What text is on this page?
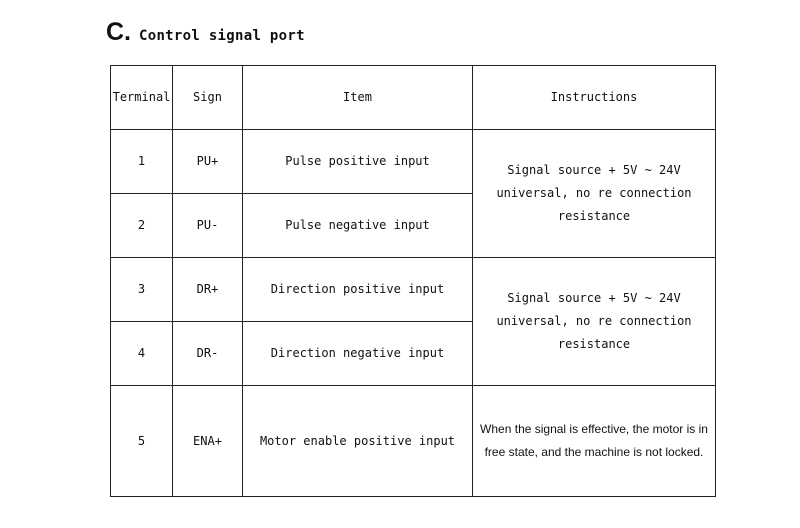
C. Control signal port
Terminal	Sign	Item	Instructions
1	PU+	Pulse positive input	Signal source + 5V ~ 24V universal, no re connection resistance

2	PU-	Pulse negative input	
3	DR+	Direction positive input	Signal source + 5V ~ 24V universal, no re connection resistance

4	DR-	Direction negative input	
5	ENA+	Motor enable positive input	When the signal is effective, the motor is in free state, and the machine is not locked.
